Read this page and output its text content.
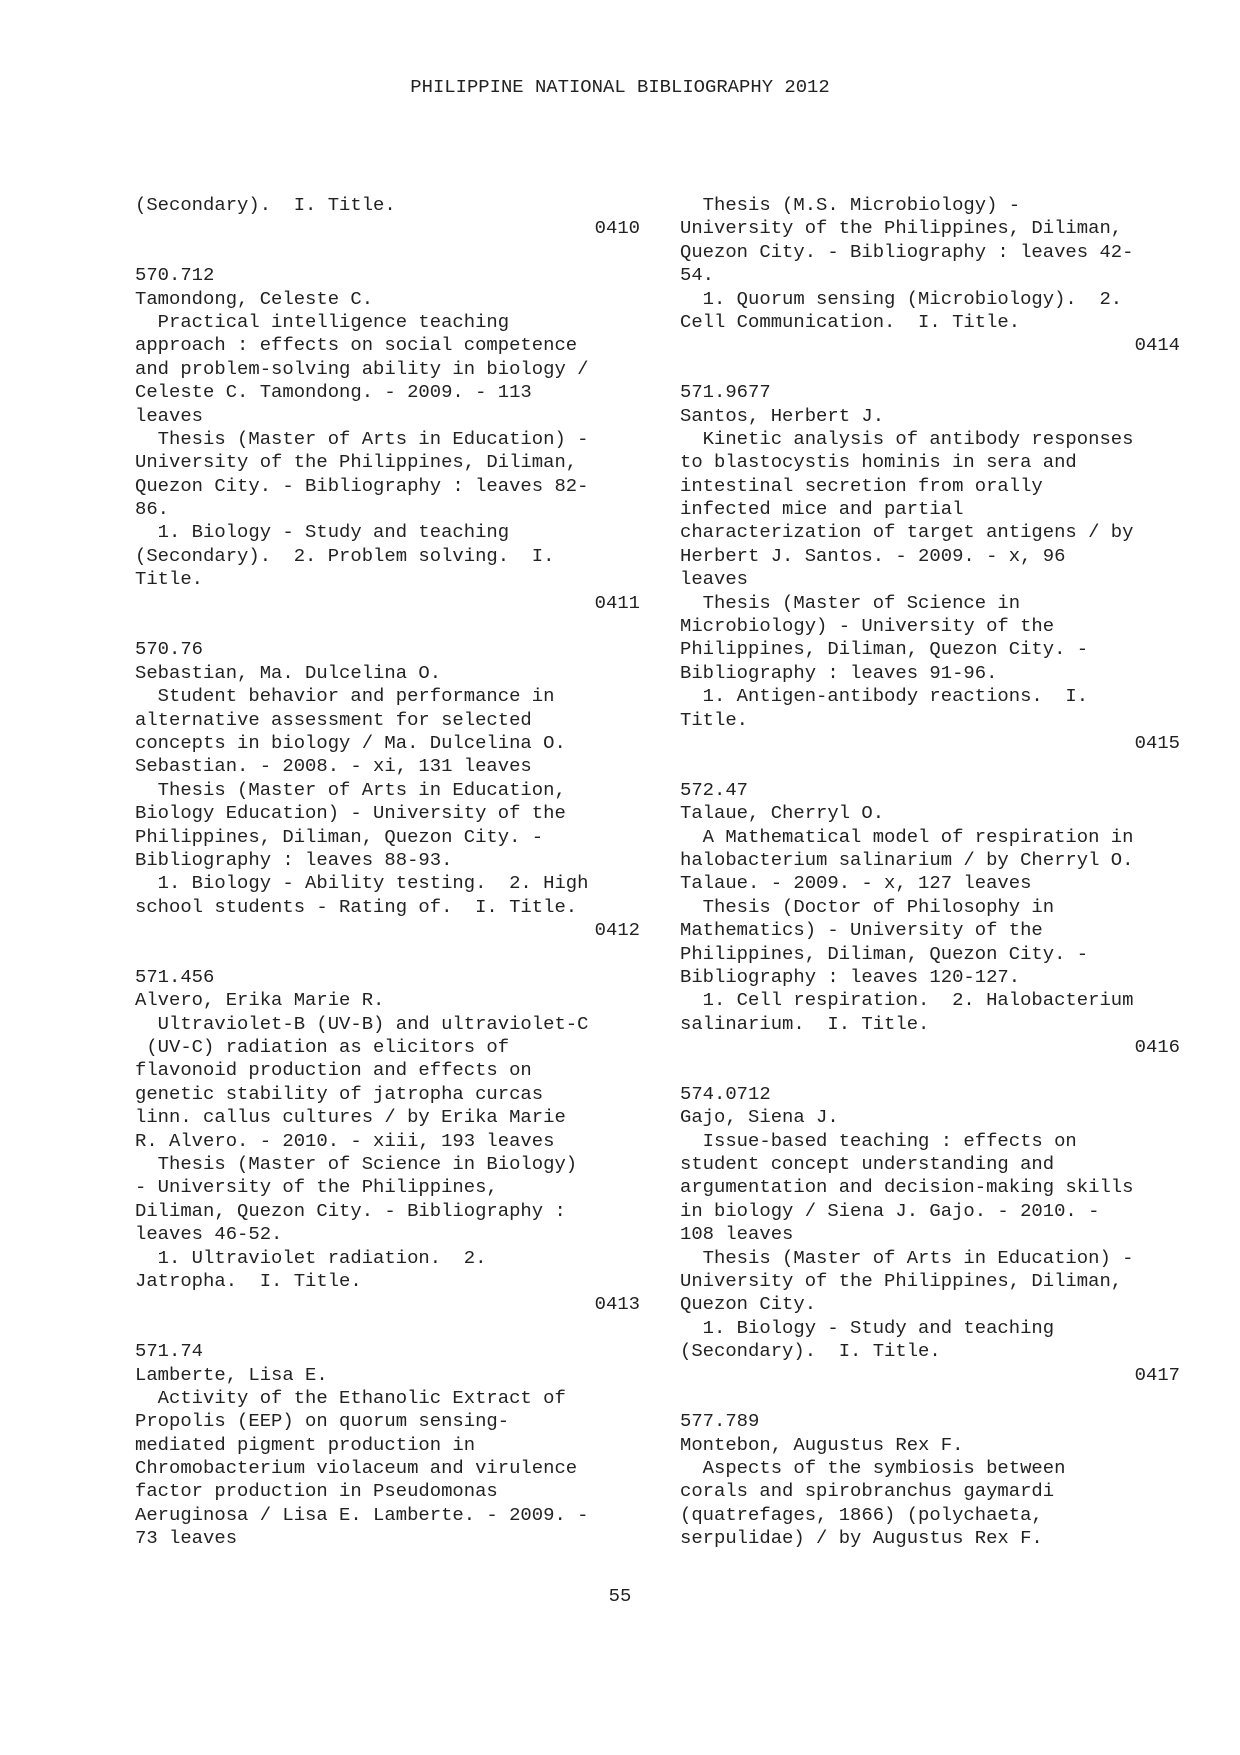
PHILIPPINE NATIONAL BIBLIOGRAPHY 2012
(Secondary).  I. Title.
0410

570.712
Tamondong, Celeste C.
Practical intelligence teaching
approach : effects on social competence
and problem-solving ability in biology /
Celeste C. Tamondong. - 2009. - 113
leaves
Thesis (Master of Arts in Education) -
University of the Philippines, Diliman,
Quezon City. - Bibliography : leaves 82-
86.
1. Biology - Study and teaching
(Secondary).  2. Problem solving.  I.
Title.
0411

570.76
Sebastian, Ma. Dulcelina O.
Student behavior and performance in
alternative assessment for selected
concepts in biology / Ma. Dulcelina O.
Sebastian. - 2008. - xi, 131 leaves
Thesis (Master of Arts in Education,
Biology Education) - University of the
Philippines, Diliman, Quezon City. -
Bibliography : leaves 88-93.
1. Biology - Ability testing.  2. High
school students - Rating of.  I. Title.
0412

571.456
Alvero, Erika Marie R.
Ultraviolet-B (UV-B) and ultraviolet-C
(UV-C) radiation as elicitors of
flavonoid production and effects on
genetic stability of jatropha curcas
linn. callus cultures / by Erika Marie
R. Alvero. - 2010. - xiii, 193 leaves
Thesis (Master of Science in Biology)
- University of the Philippines,
Diliman, Quezon City. - Bibliography :
leaves 46-52.
1. Ultraviolet radiation.  2.
Jatropha.  I. Title.
0413

571.74
Lamberte, Lisa E.
Activity of the Ethanolic Extract of
Propolis (EEP) on quorum sensing-
mediated pigment production in
Chromobacterium violaceum and virulence
factor production in Pseudomonas
Aeruginosa / Lisa E. Lamberte. - 2009. -
73 leaves
Thesis (M.S. Microbiology) -
University of the Philippines, Diliman,
Quezon City. - Bibliography : leaves 42-
54.
1. Quorum sensing (Microbiology).  2.
Cell Communication.  I. Title.
0414

571.9677
Santos, Herbert J.
Kinetic analysis of antibody responses
to blastocystis hominis in sera and
intestinal secretion from orally
infected mice and partial
characterization of target antigens / by
Herbert J. Santos. - 2009. - x, 96
leaves
Thesis (Master of Science in
Microbiology) - University of the
Philippines, Diliman, Quezon City. -
Bibliography : leaves 91-96.
1. Antigen-antibody reactions.  I.
Title.
0415

572.47
Talaue, Cherryl O.
A Mathematical model of respiration in
halobacterium salinarium / by Cherryl O.
Talaue. - 2009. - x, 127 leaves
Thesis (Doctor of Philosophy in
Mathematics) - University of the
Philippines, Diliman, Quezon City. -
Bibliography : leaves 120-127.
1. Cell respiration.  2. Halobacterium
salinarium.  I. Title.
0416

574.0712
Gajo, Siena J.
Issue-based teaching : effects on
student concept understanding and
argumentation and decision-making skills
in biology / Siena J. Gajo. - 2010. -
108 leaves
Thesis (Master of Arts in Education) -
University of the Philippines, Diliman,
Quezon City.
1. Biology - Study and teaching
(Secondary).  I. Title.
0417

577.789
Montebon, Augustus Rex F.
Aspects of the symbiosis between
corals and spirobranchus gaymardi
(quatrefages, 1866) (polychaeta,
serpulidae) / by Augustus Rex F.
55
